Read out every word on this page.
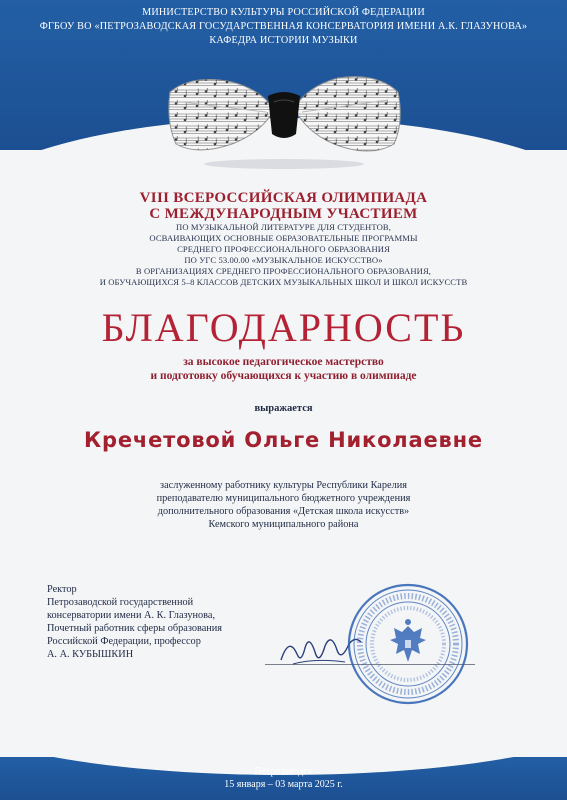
МИНИСТЕРСТВО КУЛЬТУРЫ РОССИЙСКОЙ ФЕДЕРАЦИИ
ФГБОУ ВО «ПЕТРОЗАВОДСКАЯ ГОСУДАРСТВЕННАЯ КОНСЕРВАТОРИЯ ИМЕНИ А.К. ГЛАЗУНОВА»
КАФЕДРА ИСТОРИИ МУЗЫКИ
VIII ВСЕРОССИЙСКАЯ ОЛИМПИАДА
С МЕЖДУНАРОДНЫМ УЧАСТИЕМ
ПО МУЗЫКАЛЬНОЙ ЛИТЕРАТУРЕ ДЛЯ СТУДЕНТОВ,
ОСВАИВАЮЩИХ ОСНОВНЫЕ ОБРАЗОВАТЕЛЬНЫЕ ПРОГРАММЫ
СРЕДНЕГО ПРОФЕССИОНАЛЬНОГО ОБРАЗОВАНИЯ
ПО УГС 53.00.00 «МУЗЫКАЛЬНОЕ ИСКУССТВО»
В ОРГАНИЗАЦИЯХ СРЕДНЕГО ПРОФЕССИОНАЛЬНОГО ОБРАЗОВАНИЯ,
И ОБУЧАЮЩИХСЯ 5–8 КЛАССОВ ДЕТСКИХ МУЗЫКАЛЬНЫХ ШКОЛ И ШКОЛ ИСКУССТВ
БЛАГОДАРНОСТЬ
за высокое педагогическое мастерство
и подготовку обучающихся к участию в олимпиаде
выражается
Кречетовой Ольге Николаевне
заслуженному работнику культуры Республики Карелия
преподавателю муниципального бюджетного учреждения
дополнительного образования «Детская школа искусств»
Кемского муниципального района
Ректор
Петрозаводской государственной
консерватории имени А. К. Глазунова,
Почетный работник сферы образования
Российской Федерации, профессор
А. А. КУБЫШКИН
Петрозаводск
15 января – 03 марта 2025 г.
